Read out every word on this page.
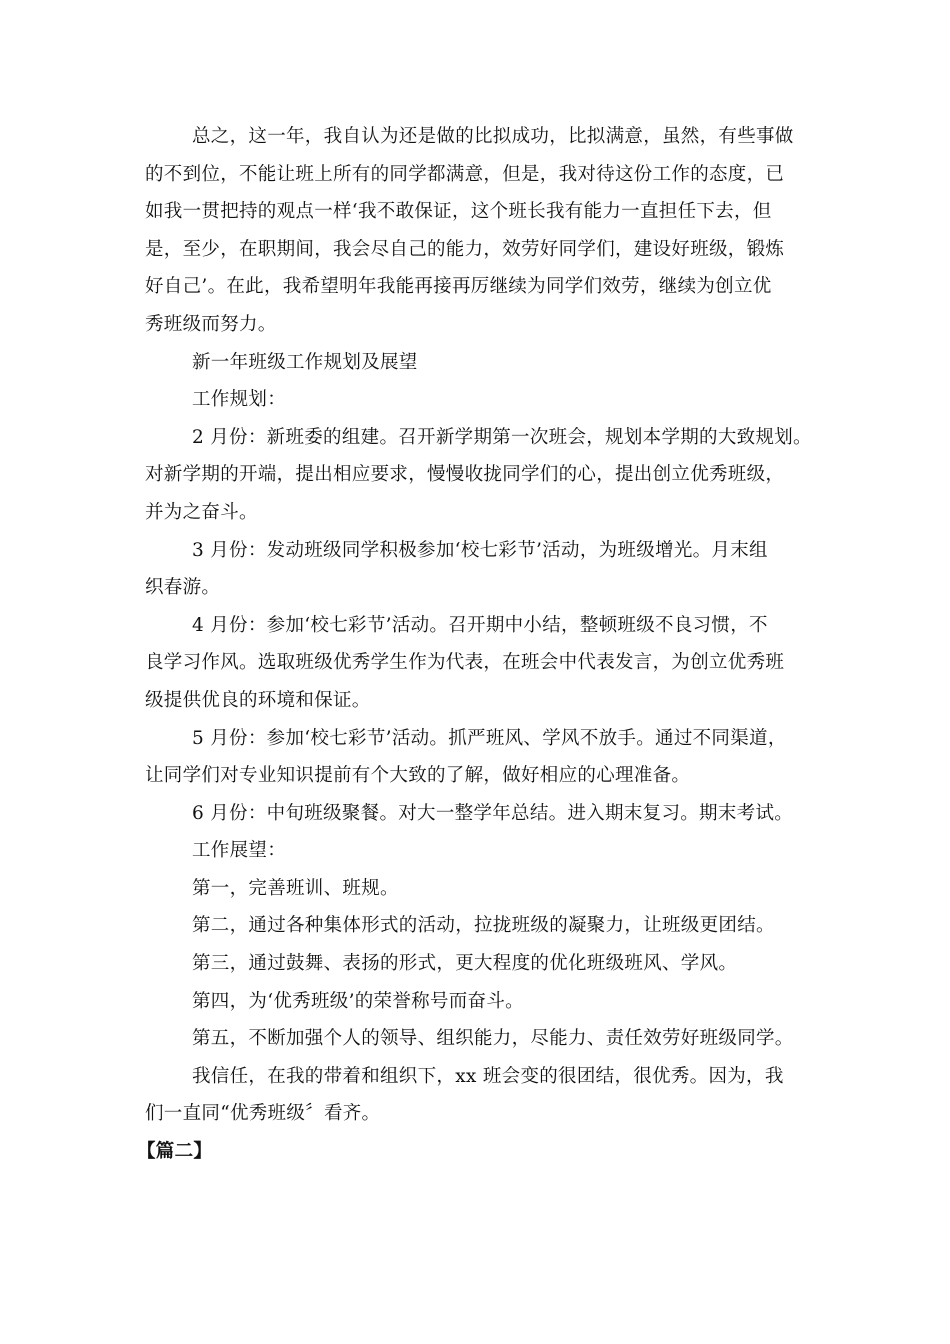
总之，这一年，我自认为还是做的比拟成功，比拟满意，虽然，有些事做
的不到位，不能让班上所有的同学都满意，但是，我对待这份工作的态度，已
如我一贯把持的观点一样‘我不敢保证，这个班长我有能力一直担任下去，但
是，至少，在职期间，我会尽自己的能力，效劳好同学们，建设好班级，锻炼
好自己’。在此，我希望明年我能再接再厉继续为同学们效劳，继续为创立优
秀班级而努力。
新一年班级工作规划及展望
工作规划：
2 月份：新班委的组建。召开新学期第一次班会，规划本学期的大致规划。
对新学期的开端，提出相应要求，慢慢收拢同学们的心，提出创立优秀班级，
并为之奋斗。
3 月份：发动班级同学积极参加‘校七彩节’活动，为班级增光。月末组
织春游。
4 月份：参加‘校七彩节’活动。召开期中小结，整顿班级不良习惯，不
良学习作风。选取班级优秀学生作为代表，在班会中代表发言，为创立优秀班
级提供优良的环境和保证。
5 月份：参加‘校七彩节’活动。抓严班风、学风不放手。通过不同渠道，
让同学们对专业知识提前有个大致的了解，做好相应的心理准备。
6 月份：中旬班级聚餐。对大一整学年总结。进入期末复习。期末考试。
工作展望：
第一，完善班训、班规。
第二，通过各种集体形式的活动，拉拢班级的凝聚力，让班级更团结。
第三，通过鼓舞、表扬的形式，更大程度的优化班级班风、学风。
第四，为‘优秀班级’的荣誉称号而奋斗。
第五，不断加强个人的领导、组织能力，尽能力、责任效劳好班级同学。
我信任，在我的带着和组织下，xx 班会变的很团结，很优秀。因为，我
们一直同“优秀班级〞看齐。
【篇二】
